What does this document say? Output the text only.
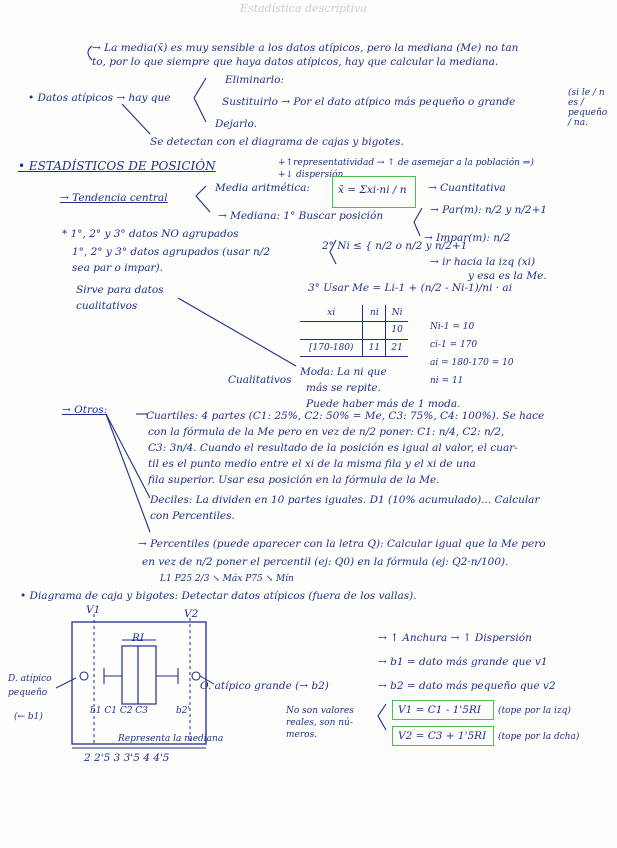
Estadística descriptiva
→ La media(x̄) es muy sensible a los datos atípicos, pero la mediana (Me) no tan
to, por lo que siempre que haya datos atípicos, hay que calcular la mediana.
• Datos atípicos → hay que
Eliminarlo:
Sustituirlo → Por el dato atípico más pequeño o grande
(si le / n es / pequeño / na.
Dejarlo.
Se detectan con el diagrama de cajas y bigotes.
• ESTADÍSTICOS DE POSICIÓN	+↑representatividad → ↑ de asemejar a la población ⇒)
+↓ dispersión
→ Tendencia central
Media aritmética:	x̄ = Σxi·ni / n → Cuantitativa
→ Mediana: 1° Buscar posición	→ Par(m): n/2 y n/2+1
→ Impar(m): n/2
* 1°, 2° y 3° datos NO agrupados
1°, 2° y 3° datos agrupados (usar n/2
sea par o impar).
Sirve para datos
cualitativos
2° Ni ≤ { n/2 o n/2 y n/2+1
→ ir hacia la izq (xi)
y esa es la Me.
3° Usar Me = Li-1 + (n/2 - Ni-1)/ni · ai
xi	ni	Ni
		10
[170-180)	11	21
Ni-1 = 10
ci-1 = 170
ai = 180-170 = 10
ni = 11
Cualitativos
Moda: La ni que
más se repite.
Puede haber más de 1 moda.
→ Otros:	Cuartiles: 4 partes (C1: 25%, C2: 50% = Me, C3: 75%, C4: 100%). Se hace
con la fórmula de la Me pero en vez de n/2 poner: C1: n/4, C2: n/2,
C3: 3n/4. Cuando el resultado de la posición es igual al valor, el cuar-
til es el punto medio entre el xi de la misma fila y el xi de una
fila superior. Usar esa posición en la fórmula de la Me.
Deciles: La dividen en 10 partes iguales. D1 (10% acumulado)... Calcular
con Percentiles.
→ Percentiles (puede aparecer con la letra Q): Calcular igual que la Me pero
en vez de n/2 poner el percentil (ej: Q0) en la fórmula (ej: Q2·n/100).
L1 P25 2/3 ↘ Máx P75 ↘ Mín
• Diagrama de caja y bigotes: Detectar datos atípicos (fuera de los vallas).
→ ↑ Anchura → ↑ Dispersión
→ b1 = dato más grande que v1
→ b2 = dato más pequeño que v2
No son valores
reales, son nú-
meros.
V1 = C1 - 1'5RI (tope por la izq)
V2 = C3 + 1'5RI (tope por la dcha)
D. atípico
pequeño
(← b1)
O. atípico grande (→ b2)
V1	V2
RI
b1 C1 C2 C3	b2'
Representa la mediana
2 2'5 3 3'5 4 4'5
